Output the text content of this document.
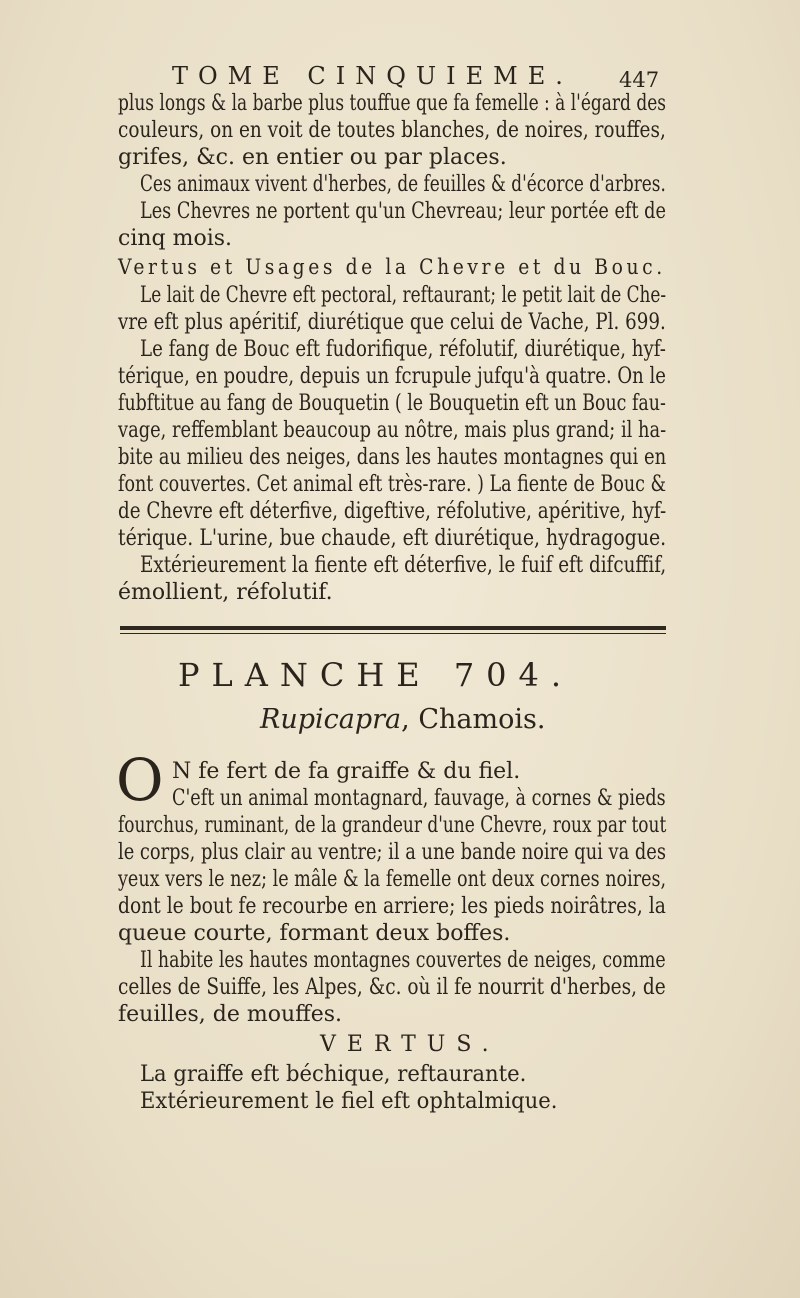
TOME CINQUIEME. 447
plus longs & la barbe plus touffue que fa femelle : à l'égard des
couleurs, on en voit de toutes blanches, de noires, rouffes,
grifes, &c. en entier ou par places.
Ces animaux vivent d'herbes, de feuilles & d'écorce d'arbres.
Les Chevres ne portent qu'un Chevreau; leur portée eft de
cinq mois.
Vertus et Usages de la Chevre et du Bouc.
Le lait de Chevre eft pectoral, reftaurant; le petit lait de Che-
vre eft plus apéritif, diurétique que celui de Vache, Pl. 699.
Le fang de Bouc eft fudorifique, réfolutif, diurétique, hyf-
térique, en poudre, depuis un fcrupule jufqu'à quatre. On le
fubftitue au fang de Bouquetin ( le Bouquetin eft un Bouc fau-
vage, reffemblant beaucoup au nôtre, mais plus grand; il ha-
bite au milieu des neiges, dans les hautes montagnes qui en
font couvertes. Cet animal eft très-rare. ) La fiente de Bouc &
de Chevre eft déterfive, digeftive, réfolutive, apéritive, hyf-
térique. L'urine, bue chaude, eft diurétique, hydragogue.
Extérieurement la fiente eft déterfive, le fuif eft difcuffif,
émollient, réfolutif.
PLANCHE 704.
Rupicapra, Chamois.
O N fe fert de fa graiffe & du fiel.
C'eft un animal montagnard, fauvage, à cornes & pieds
fourchus, ruminant, de la grandeur d'une Chevre, roux par tout
le corps, plus clair au ventre; il a une bande noire qui va des
yeux vers le nez; le mâle & la femelle ont deux cornes noires,
dont le bout fe recourbe en arriere; les pieds noirâtres, la
queue courte, formant deux boffes.
Il habite les hautes montagnes couvertes de neiges, comme
celles de Suiffe, les Alpes, &c. où il fe nourrit d'herbes, de
feuilles, de mouffes.
VERTUS.
La graiffe eft béchique, reftaurante.
Extérieurement le fiel eft ophtalmique.
